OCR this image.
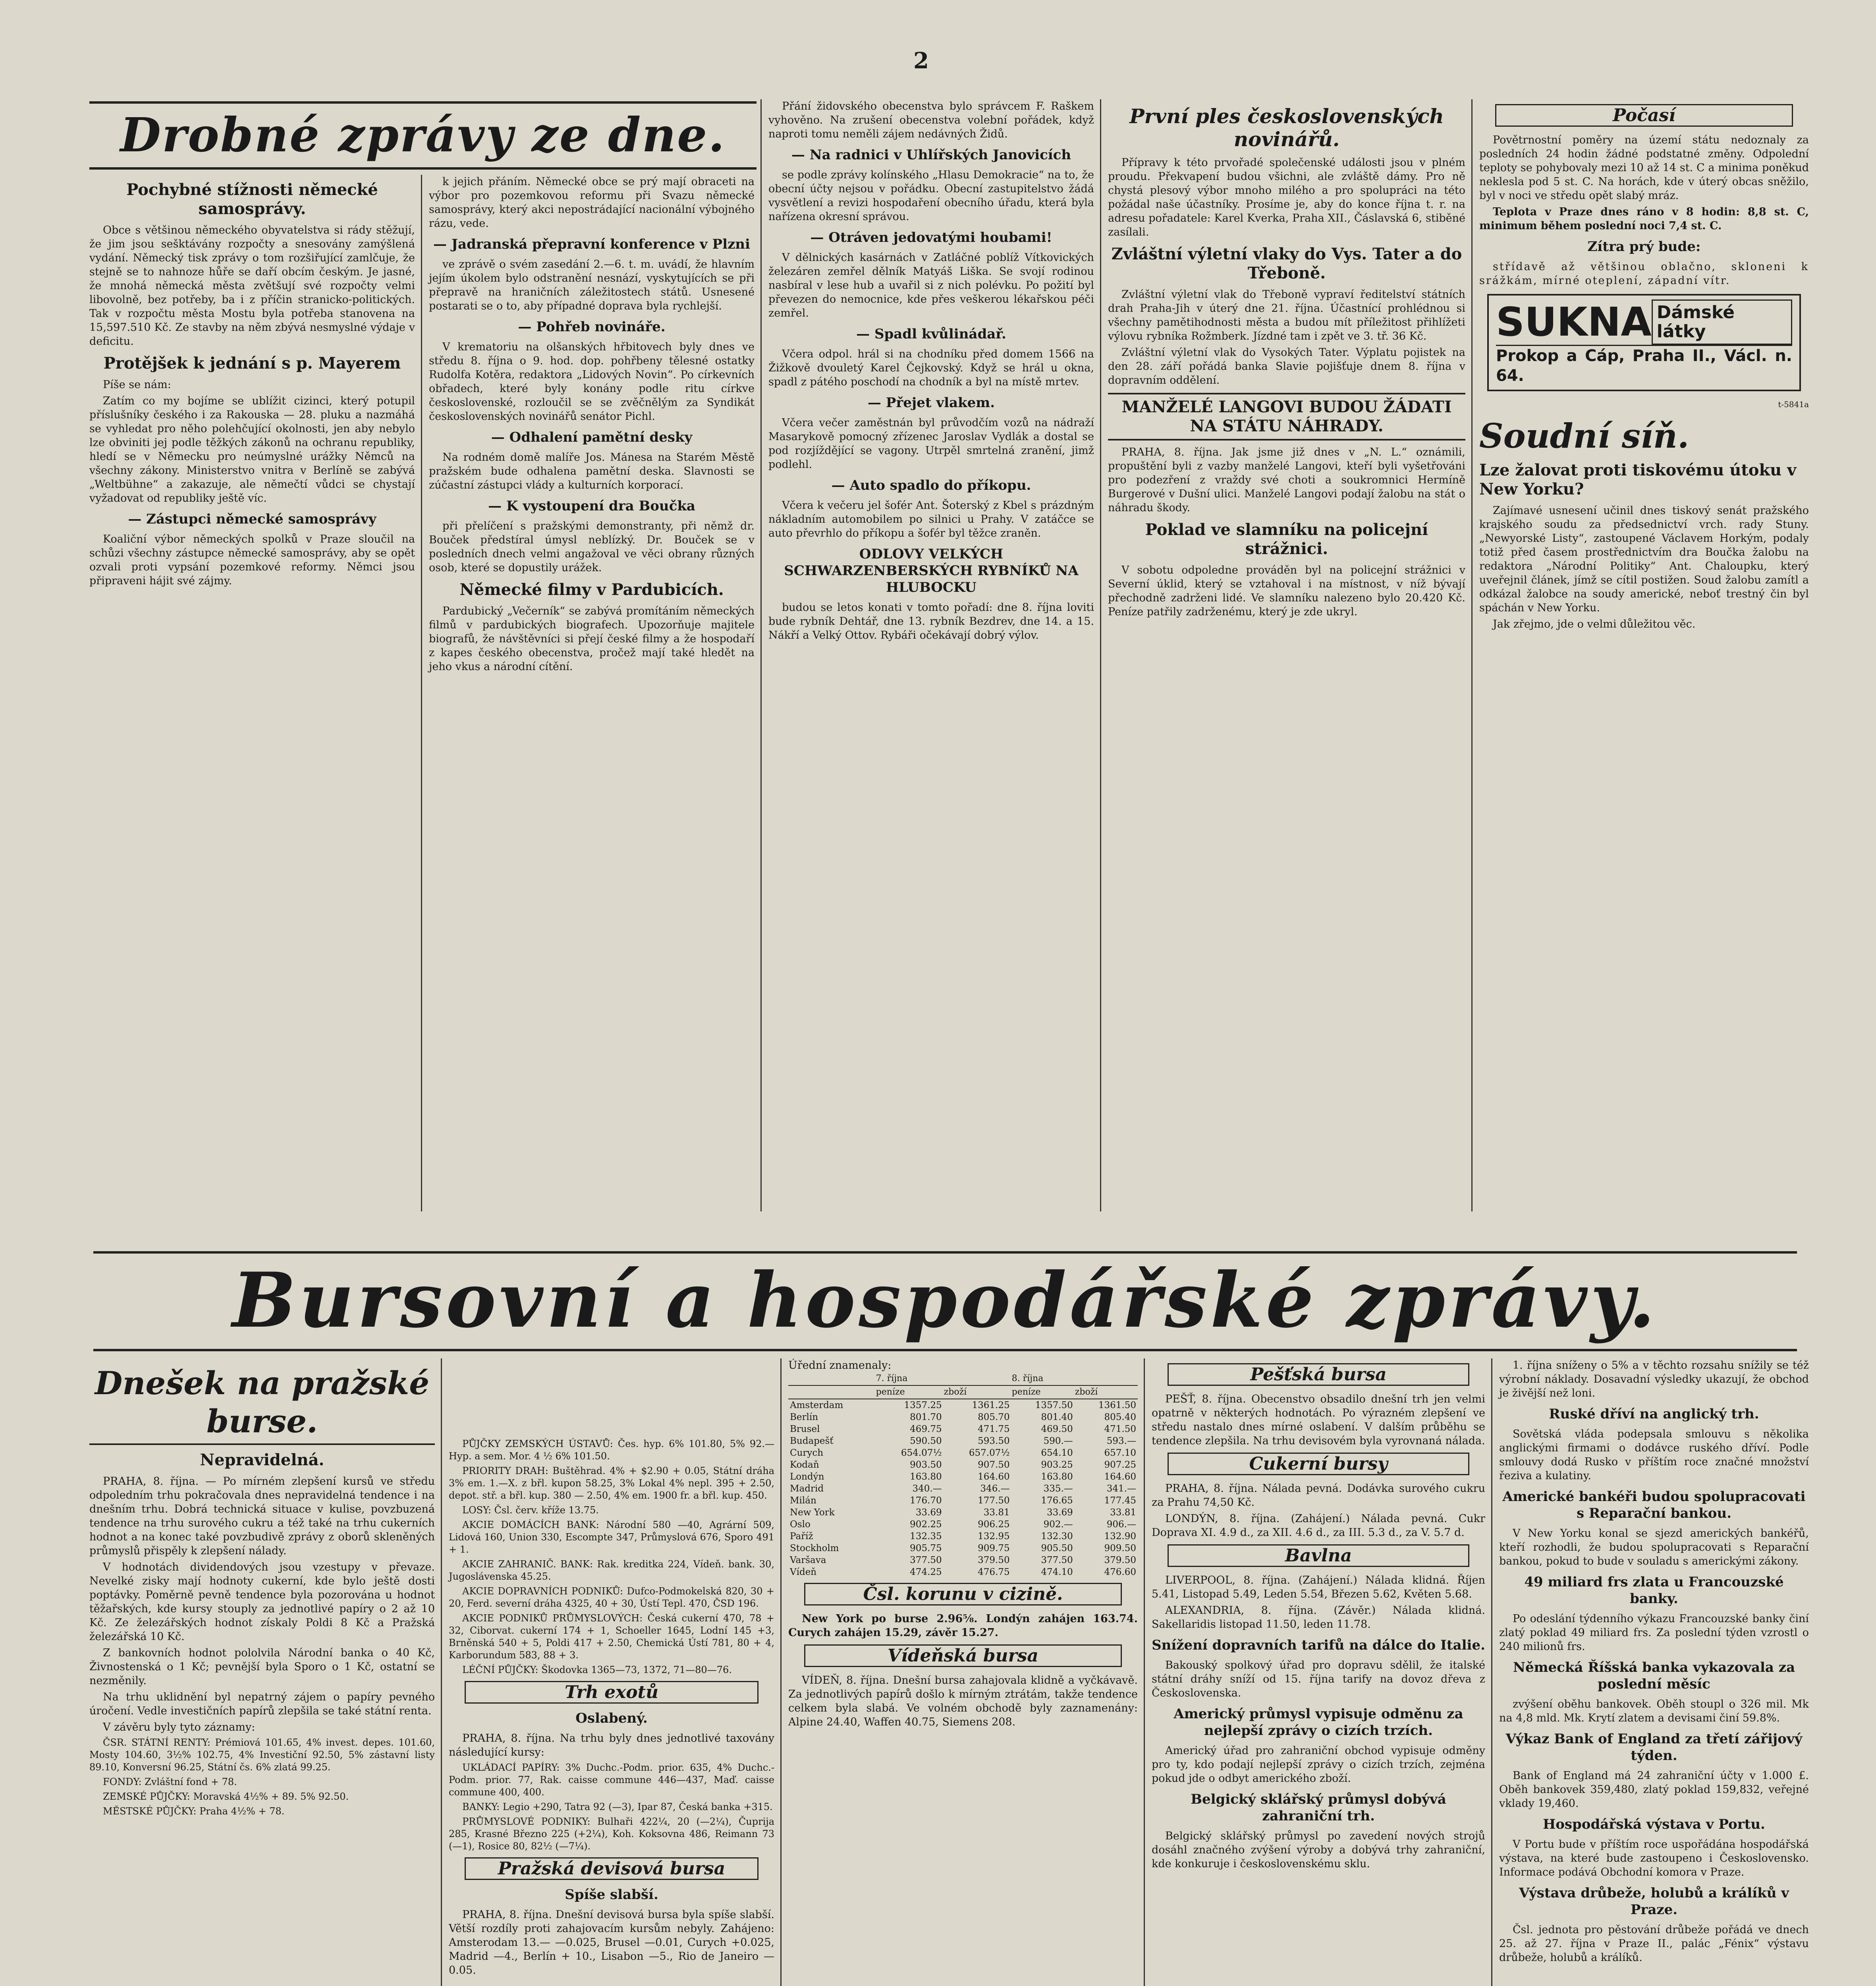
2
Drobné zprávy ze dne.
Pochybné stížnosti německé samosprávy.

Obce s většinou německého obyvatelstva si rády stěžují, že jim jsou sešktávány rozpočty a snesovány zamýšlená vydání. Německý tisk zprávy o tom rozšiřující zamlčuje, že stejně se to nahnoze hůře se daří obcím českým. Je jasné, že mnohá německá města zvětšují své rozpočty velmi libovolně, bez potřeby, ba i z příčin stranicko-politických. Tak v rozpočtu města Mostu byla potřeba stanovena na 15,597.510 Kč. Ze stavby na něm zbývá nesmyslné výdaje v deficitu.

Protějšek k jednání s p. Mayerem

Píše se nám:

Zatím co my bojíme se ublížit cizinci, který potupil příslušníky českého i za Rakouska — 28. pluku a nazmáhá se vyhledat pro něho polehčující okolnosti, jen aby nebylo lze obviniti jej podle těžkých zákonů na ochranu republiky, hledí se v Německu pro neúmyslné urážky Němců na všechny zákony. Ministerstvo vnitra v Berlíně se zabývá „Weltbühne“ a zakazuje, ale němečtí vůdci se chystají vyžadovat od republiky ještě víc.

— Zástupci německé samosprávy

Koaliční výbor německých spolků v Praze sloučil na schůzi všechny zástupce německé samosprávy, aby se opět ozvali proti vypsání pozemkové reformy. Němci jsou připraveni hájit své zájmy.

k jejich přáním. Německé obce se prý mají obraceti na výbor pro pozemkovou reformu při Svazu německé samosprávy, který akci nepostrádající nacionální výbojného rázu, vede.

— Jadranská přepravní konference v Plzni

ve zprávě o svém zasedání 2.—6. t. m. uvádí, že hlavním jejím úkolem bylo odstranění nesnází, vyskytujících se při přepravě na hraničních záležitostech států. Usnesené postarati se o to, aby případné doprava byla rychlejší.

— Pohřeb novináře.

V krematoriu na olšanských hřbitovech byly dnes ve středu 8. října o 9. hod. dop. pohřbeny tělesné ostatky Rudolfa Kotěra, redaktora „Lidových Novin“. Po církevních obřadech, které byly konány podle ritu církve československé, rozloučil se se zvěčnělým za Syndikát československých novinářů senátor Pichl.

— Odhalení pamětní desky

Na rodném domě malíře Jos. Mánesa na Starém Městě pražském bude odhalena pamětní deska. Slavnosti se zúčastní zástupci vlády a kulturních korporací.

— K vystoupení dra Boučka

při přelíčení s pražskými demonstranty, při němž dr. Bouček předstíral úmysl neblízký. Dr. Bouček se v posledních dnech velmi angažoval ve věci obrany různých osob, které se dopustily urážek.

Německé filmy v Pardubicích.

Pardubický „Večerník“ se zabývá promítáním německých filmů v pardubických biografech. Upozorňuje majitele biografů, že návštěvníci si přejí české filmy a že hospodaří z kapes českého obecenstva, pročež mají také hledět na jeho vkus a národní cítění.

Přání židovského obecenstva bylo správcem F. Raškem vyhověno. Na zrušení obecenstva volební pořádek, když naproti tomu neměli zájem nedávných Židů.

— Na radnici v Uhlířských Janovicích

se podle zprávy kolínského „Hlasu Demokracie“ na to, že obecní účty nejsou v pořádku. Obecní zastupitelstvo žádá vysvětlení a revizi hospodaření obecního úřadu, která byla nařízena okresní správou.

— Otráven jedovatými houbami!

V dělnických kasárnách v Zatláčné poblíž Vítkovických železáren zemřel dělník Matyáš Liška. Se svojí rodinou nasbíral v lese hub a uvařil si z nich polévku. Po požití byl převezen do nemocnice, kde přes veškerou lékařskou péči zemřel.

— Spadl kvůlinádař.

Včera odpol. hrál si na chodníku před domem 1566 na Žižkově dvouletý Karel Čejkovský. Když se hrál u okna, spadl z pátého poschodí na chodník a byl na místě mrtev.

— Přejet vlakem.

Včera večer zaměstnán byl průvodčím vozů na nádraží Masarykově pomocný zřízenec Jaroslav Vydlák a dostal se pod rozjíždějící se vagony. Utrpěl smrtelná zranění, jimž podlehl.

— Auto spadlo do příkopu.

Včera k večeru jel šofér Ant. Šoterský z Kbel s prázdným nákladním automobilem po silnici u Prahy. V zatáčce se auto převrhlo do příkopu a šofér byl těžce zraněn.

ODLOVY VELKÝCH SCHWARZENBERSKÝCH RYBNÍKŮ NA HLUBOCKU

budou se letos konati v tomto pořadí: dne 8. října loviti bude rybník Dehtář, dne 13. rybník Bezdrev, dne 14. a 15. Nákří a Velký Ottov. Rybáři očekávají dobrý výlov.

První ples československých novinářů.

Přípravy k této prvořadé společenské události jsou v plném proudu. Překvapení budou všichni, ale zvláště dámy. Pro ně chystá plesový výbor mnoho milého a pro spolupráci na této požádal naše účastníky. Prosíme je, aby do konce října t. r. na adresu pořadatele: Karel Kverka, Praha XII., Čáslavská 6, stiběné zasílali.

Zvláštní výletní vlaky do Vys. Tater a do Třeboně.

Zvláštní výletní vlak do Třeboně vypraví ředitelství státních drah Praha-Jih v úterý dne 21. října. Účastnící prohlédnou si všechny pamětihodnosti města a budou mít příležitost přihlížeti výlovu rybníka Rožmberk. Jízdné tam i zpět ve 3. tř. 36 Kč.

Zvláštní výletní vlak do Vysokých Tater. Výplatu pojistek na den 28. září pořádá banka Slavie pojišťuje dnem 8. října v dopravním oddělení.

MANŽELÉ LANGOVI BUDOU ŽÁDATI NA STÁTU NÁHRADY.

PRAHA, 8. října. Jak jsme již dnes v „N. L.“ oznámili, propuštění byli z vazby manželé Langovi, kteří byli vyšetřováni pro podezření z vraždy své choti a soukromnici Hermíně Burgerové v Dušní ulici. Manželé Langovi podají žalobu na stát o náhradu škody.

Poklad ve slamníku na policejní strážnici.

V sobotu odpoledne prováděn byl na policejní strážnici v Severní úklid, který se vztahoval i na místnost, v níž bývají přechodně zadrženi lidé. Ve slamníku nalezeno bylo 20.420 Kč. Peníze patřily zadrženému, který je zde ukryl.

Počasí

Povětrnostní poměry na území státu nedoznaly za posledních 24 hodin žádné podstatné změny. Odpolední teploty se pohybovaly mezi 10 až 14 st. C a minima poněkud nekleslа pod 5 st. C. Na horách, kde v úterý obcas sněžilo, byl v noci ve středu opět slabý mráz.

Teplota v Praze dnes ráno v 8 hodin: 8,8 st. C, minimum během poslední noci 7,4 st. C.

Zítra prý bude:

střídavě až většinou oblačno, skloneni k srážkám, mírné oteplení, západní vítr.

SUKNA Dámské látky
Prokop a Cáp, Praha II., Václ. n. 64.
t-5841a
Soudní síň.
Lze žalovat proti tiskovému útoku v New Yorku?

Zajímavé usnesení učinil dnes tiskový senát pražského krajského soudu za předsednictví vrch. rady Stuny. „Newyorské Listy“, zastoupené Václavem Horkým, podaly totiž před časem prostřednictvím dra Boučka žalobu na redaktora „Národní Politiky“ Ant. Chaloupku, který uveřejnil článek, jímž se cítil postižen. Soud žalobu zamítl a odkázal žalobce na soudy americké, neboť trestný čin byl spáchán v New Yorku.

Jak zřejmo, jde o velmi důležitou věc.

Bursovní a hospodářské zprávy.
Dnešek na pražské burse.
Nepravidelná.

PRAHA, 8. října. — Po mírném zlepšení kursů ve středu odpoledním trhu pokračovala dnes nepravidelná tendence i na dnešním trhu. Dobrá technická situace v kulise, povzbuzená tendence na trhu surového cukru a též také na trhu cukerních hodnot a na konec také povzbudivě zprávy z oborů skleněných průmyslů přispěly k zlepšení nálady.

V hodnotách dividendových jsou vzestupy v převaze. Nevelké zisky mají hodnoty cukerní, kde bylo ještě dosti poptávky. Poměrně pevně tendence byla pozorována u hodnot těžařských, kde kursy stouply za jednotlivé papíry o 2 až 10 Kč. Ze železářských hodnot získaly Poldi 8 Kč a Pražská železářská 10 Kč.

Z bankovních hodnot pololvila Národní banka o 40 Kč, Živnostenská o 1 Kč; pevnější byla Sporo o 1 Kč, ostatní se nezměnily.

Na trhu uklidnění byl nepatrný zájem o papíry pevného úročení. Vedle investičních papírů zlepšila se také státní renta.

V závěru byly tyto záznamy:

ČSR. STÁTNÍ RENTY: Prémiová 101.65, 4% invest. depes. 101.60, Mosty 104.60, 3½% 102.75, 4% Investiční 92.50, 5% zástavní listy 89.10, Konversní 96.25, Státní čs. 6% zlatá 99.25.

FONDY: Zvláštní fond + 78.

ZEMSKÉ PŮJČKY: Moravská 4½% + 89. 5% 92.50.

MĚSTSKÉ PŮJČKY: Praha 4½% + 78.

PŮJČKY ZEMSKÝCH ÚSTAVŮ: Čes. hyp. 6% 101.80, 5% 92.— Hyp. a sem. Mor. 4 ½ 6% 101.50.

PRIORITY DRAH: Buštěhrad. 4% + $2.90 + 0.05, Státní dráha 3% em. 1.—X. z břl. kupon 58.25, 3% Lokal 4% nepl. 395 + 2.50, depot. stř. a břl. kup. 380 — 2.50, 4% em. 1900 fr. a břl. kup. 450.

LOSY: Čsl. červ. kříže 13.75.

AKCIE DOMÁCÍCH BANK: Národní 580 —40, Agrární 509, Lidová 160, Union 330, Escompte 347, Průmyslová 676, Sporo 491 + 1.

AKCIE ZAHRANIČ. BANK: Rak. kreditka 224, Vídeň. bank. 30, Jugoslávenska 45.25.

AKCIE DOPRAVNÍCH PODNIKŮ: Dufco-Podmokelská 820, 30 + 20, Ferd. severní dráha 4325, 40 + 30, Ústí Tepl. 470, ČSD 196.

AKCIE PODNIKŮ PRŮMYSLOVÝCH: Česká cukerní 470, 78 + 32, Ciborvat. cukerní 174 + 1, Schoeller 1645, Lodní 145 +3, Brněnská 540 + 5, Poldi 417 + 2.50, Chemická Ústí 781, 80 + 4, Karborundum 583, 88 + 3.

LÉČNÍ PŮJČKY: Škodovka 1365—73, 1372, 71—80—76.

Trh exotů
Oslabený.

PRAHA, 8. října. Na trhu byly dnes jednotlivé taxovány následující kursy:

UKLÁDACÍ PAPÍRY: 3% Duchc.-Podm. prior. 635, 4% Duchc.-Podm. prior. 77, Rak. caisse commune 446—437, Maď. caisse commune 400, 400.

BANKY: Legio +290, Tatra 92 (—3), Ipar 87, Česká banka +315.

PRŮMYSLOVÉ PODNIKY: Bulhaři 422¼, 20 (—2¼), Čuprija 285, Krasné Březno 225 (+2¼), Koh. Koksovna 486, Reimann 73 (—1), Rosice 80, 82½ (—7¼).

Pražská devisová bursa
Spíše slabší.

PRAHA, 8. října. Dnešní devisová bursa byla spíše slabší. Větší rozdíly proti zahajovacím kursům nebyly. Zahájeno: Amsterodam 13.— —0.025, Brusel —0.01, Curych +0.025, Madrid —4., Berlín + 10., Lisabon —5., Rio de Janeiro —0.05.

Úřední znamenaly:
	7. října		8. října	
	peníze	zboží	peníze	zboží
Amsterdam	1357.25	1361.25	1357.50	1361.50
Berlín	801.70	805.70	801.40	805.40
Brusel	469.75	471.75	469.50	471.50
Budapešť	590.50	593.50	590.—	593.—
Curych	654.07½	657.07½	654.10	657.10
Kodaň	903.50	907.50	903.25	907.25
Londýn	163.80	164.60	163.80	164.60
Madrid	340.—	346.—	335.—	341.—
Milán	176.70	177.50	176.65	177.45
New York	33.69	33.81	33.69	33.81
Oslo	902.25	906.25	902.—	906.—
Paříž	132.35	132.95	132.30	132.90
Stockholm	905.75	909.75	905.50	909.50
Varšava	377.50	379.50	377.50	379.50
Vídeň	474.25	476.75	474.10	476.60
Čsl. korunu v cizině.

New York po burse 2.96⅝. Londýn zahájen 163.74. Curych zahájen 15.29, závěr 15.27.

Vídeňská bursa

VÍDEŇ, 8. října. Dnešní bursa zahajovala klidně a vyčkávavě. Za jednotlivých papírů došlo k mírným ztrátám, takže tendence celkem byla slabá. Ve volném obchodě byly zaznamenány: Alpine 24.40, Waffen 40.75, Siemens 208.

Pešťská bursa

PEŠŤ, 8. října. Obecenstvo obsadilo dnešní trh jen velmi opatrně v některých hodnotách. Po výrazném zlepšení ve středu nastalo dnes mírné oslabení. V dalším průběhu se tendence zlepšila. Na trhu devisovém byla vyrovnaná nálada.

Cukerní bursy

PRAHA, 8. října. Nálada pevná. Dodávka surového cukru za Prahu 74,50 Kč.

LONDÝN, 8. října. (Zahájení.) Nálada pevná. Cukr Doprava XI. 4.9 d., za XII. 4.6 d., za III. 5.3 d., za V. 5.7 d.

Bavlna

LIVERPOOL, 8. října. (Zahájení.) Nálada klidná. Říjen 5.41, Listopad 5.49, Leden 5.54, Březen 5.62, Květen 5.68.

ALEXANDRIA, 8. října. (Závěr.) Nálada klidná. Sakellaridis listopad 11.50, leden 11.78.

Snížení dopravních tarifů na dálce do Italie.

Bakouský spolkový úřad pro dopravu sdělil, že italské státní dráhy sníží od 15. října tarify na dovoz dřeva z Československa.

Americký průmysl vypisuje odměnu za nejlepší zprávy o cizích trzích.

Americký úřad pro zahraniční obchod vypisuje odměny pro ty, kdo podají nejlepší zprávy o cizích trzích, zejména pokud jde o odbyt amerického zboží.

Belgický sklářský průmysl dobývá zahraniční trh.

Belgický sklářský průmysl po zavedení nových strojů dosáhl značného zvýšení výroby a dobývá trhy zahraniční, kde konkuruje i československému sklu.

1. října sníženy o 5% a v těchto rozsahu snížily se též výrobní náklady. Dosavadní výsledky ukazují, že obchod je živější než loni.

Ruské dříví na anglický trh.

Sovětská vláda podepsala smlouvu s několika anglickými firmami o dodávce ruského dříví. Podle smlouvy dodá Rusko v příštím roce značné množství řeziva a kulatiny.

Americké bankéři budou spolupracovati s Reparační bankou.

V New Yorku konal se sjezd amerických bankéřů, kteří rozhodli, že budou spolupracovati s Reparační bankou, pokud to bude v souladu s americkými zákony.

49 miliard frs zlata u Francouzské banky.

Po odeslání týdenního výkazu Francouzské banky činí zlatý poklad 49 miliard frs. Za poslední týden vzrostl o 240 milionů frs.

Německá Říšská banka vykazovala za poslední měsíc

zvýšení oběhu bankovek. Oběh stoupl o 326 mil. Mk na 4,8 mld. Mk. Krytí zlatem a devisami činí 59.8%.

Výkaz Bank of England za třetí zářijový týden.

Bank of England má 24 zahraniční účty v 1.000 £. Oběh bankovek 359,480, zlatý poklad 159,832, veřejné vklady 19,460.

Hospodářská výstava v Portu.

V Portu bude v příštím roce uspořádána hospodářská výstava, na které bude zastoupeno i Československo. Informace podává Obchodní komora v Praze.

Výstava drůbeže, holubů a králíků v Praze.

Čsl. jednota pro pěstování drůbeže pořádá ve dnech 25. až 27. října v Praze II., palác „Fénix“ výstavu drůbeže, holubů a králíků.
